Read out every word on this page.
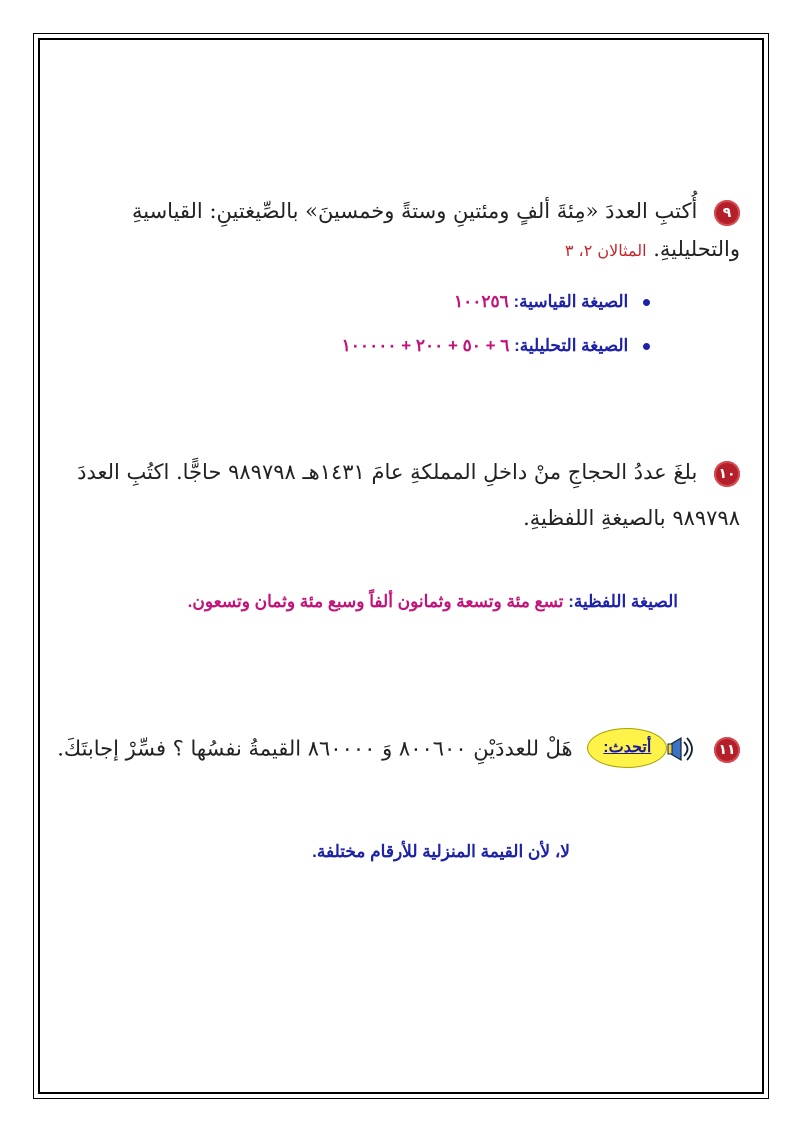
٩ أُكتبِ العددَ «مِئةَ ألفٍ ومئتينِ وستةً وخمسينَ» بالصِّيغتينِ: القياسيةِ والتحليليةِ. المثالان ٢، ٣
الصيغة القياسية: ١٠٠٢٥٦
الصيغة التحليلية: ٦ + ٥٠ + ٢٠٠ + ١٠٠٠٠٠
١٠ بلغَ عددُ الحجاجِ منْ داخلِ المملكةِ عامَ ١٤٣١هـ ٩٨٩٧٩٨ حاجًّا. اكتُبِ العددَ ٩٨٩٧٩٨ بالصيغةِ اللفظيةِ.
الصيغة اللفظية: تسع مئة وتسعة وثمانون ألفاً وسبع مئة وثمان وتسعون.
١١
أتحدث:
هَلْ للعددَيْنِ ٨٠٠٦٠٠ وَ ٨٦٠٠٠٠ القيمةُ نفسُها ؟ فسِّرْ إجابتَكَ.
لا، لأن القيمة المنزلية للأرقام مختلفة.
